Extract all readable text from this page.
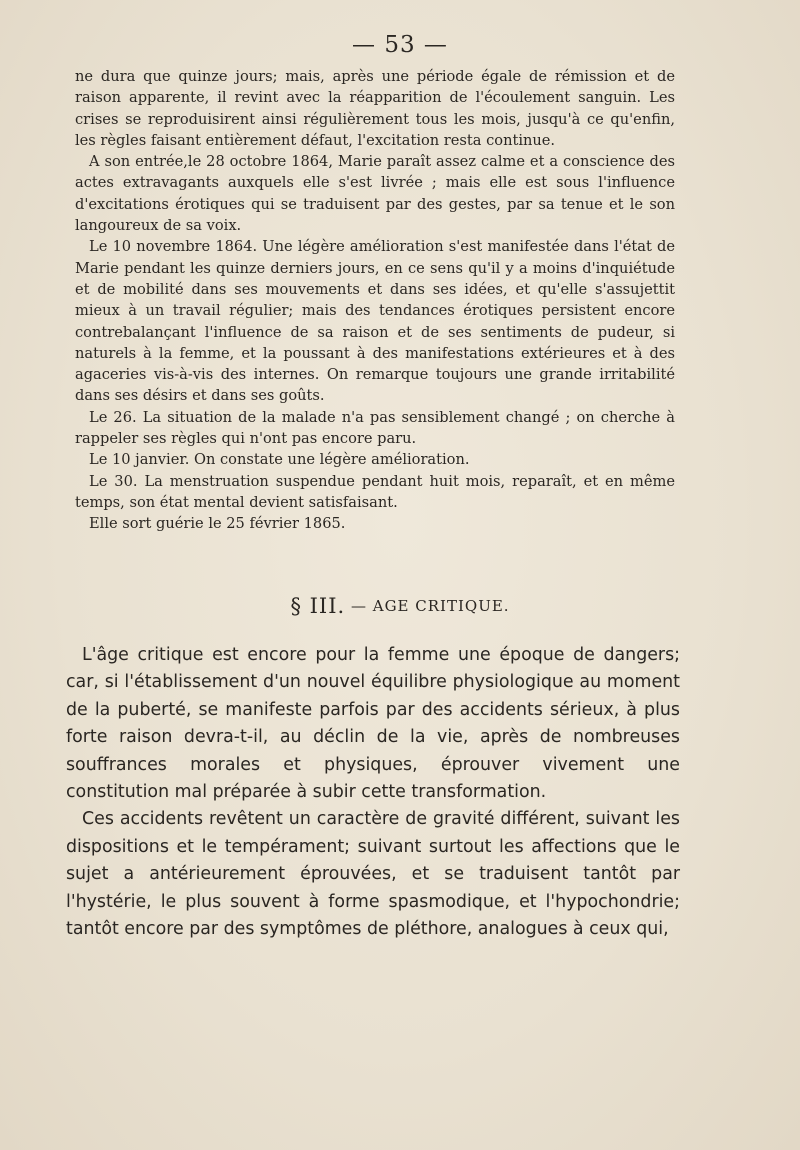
— 53 —

ne dura que quinze jours; mais, après une période égale de rémission et de raison apparente, il revint avec la réapparition de l'écoulement sanguin. Les crises se reproduisirent ainsi régulièrement tous les mois, jusqu'à ce qu'enfin, les règles faisant entièrement défaut, l'excitation resta continue.

A son entrée,le 28 octobre 1864, Marie paraît assez calme et a conscience des actes extravagants auxquels elle s'est livrée ; mais elle est sous l'influence d'excitations érotiques qui se traduisent par des gestes, par sa tenue et le son langoureux de sa voix.

Le 10 novembre 1864. Une légère amélioration s'est manifestée dans l'état de Marie pendant les quinze derniers jours, en ce sens qu'il y a moins d'inquiétude et de mobilité dans ses mouvements et dans ses idées, et qu'elle s'assujettit mieux à un travail régulier; mais des tendances érotiques persistent encore contrebalançant l'influence de sa raison et de ses sentiments de pudeur, si naturels à la femme, et la poussant à des manifestations extérieures et à des agaceries vis-à-vis des internes. On remarque toujours une grande irritabilité dans ses désirs et dans ses goûts.

Le 26. La situation de la malade n'a pas sensiblement changé ; on cherche à rappeler ses règles qui n'ont pas encore paru.

Le 10 janvier. On constate une légère amélioration.

Le 30. La menstruation suspendue pendant huit mois, reparaît, et en même temps, son état mental devient satisfaisant.

Elle sort guérie le 25 février 1865.

§ III. — AGE CRITIQUE.

L'âge critique est encore pour la femme une époque de dangers; car, si l'établissement d'un nouvel équilibre physiologique au moment de la puberté, se manifeste parfois par des accidents sérieux, à plus forte raison devra-t-il, au déclin de la vie, après de nombreuses souffrances morales et physiques, éprouver vivement une constitution mal préparée à subir cette transformation.

Ces accidents revêtent un caractère de gravité différent, suivant les dispositions et le tempérament; suivant surtout les affections que le sujet a antérieurement éprouvées, et se traduisent tantôt par l'hystérie, le plus souvent à forme spasmodique, et l'hypochondrie; tantôt encore par des symptômes de pléthore, analogues à ceux qui,
